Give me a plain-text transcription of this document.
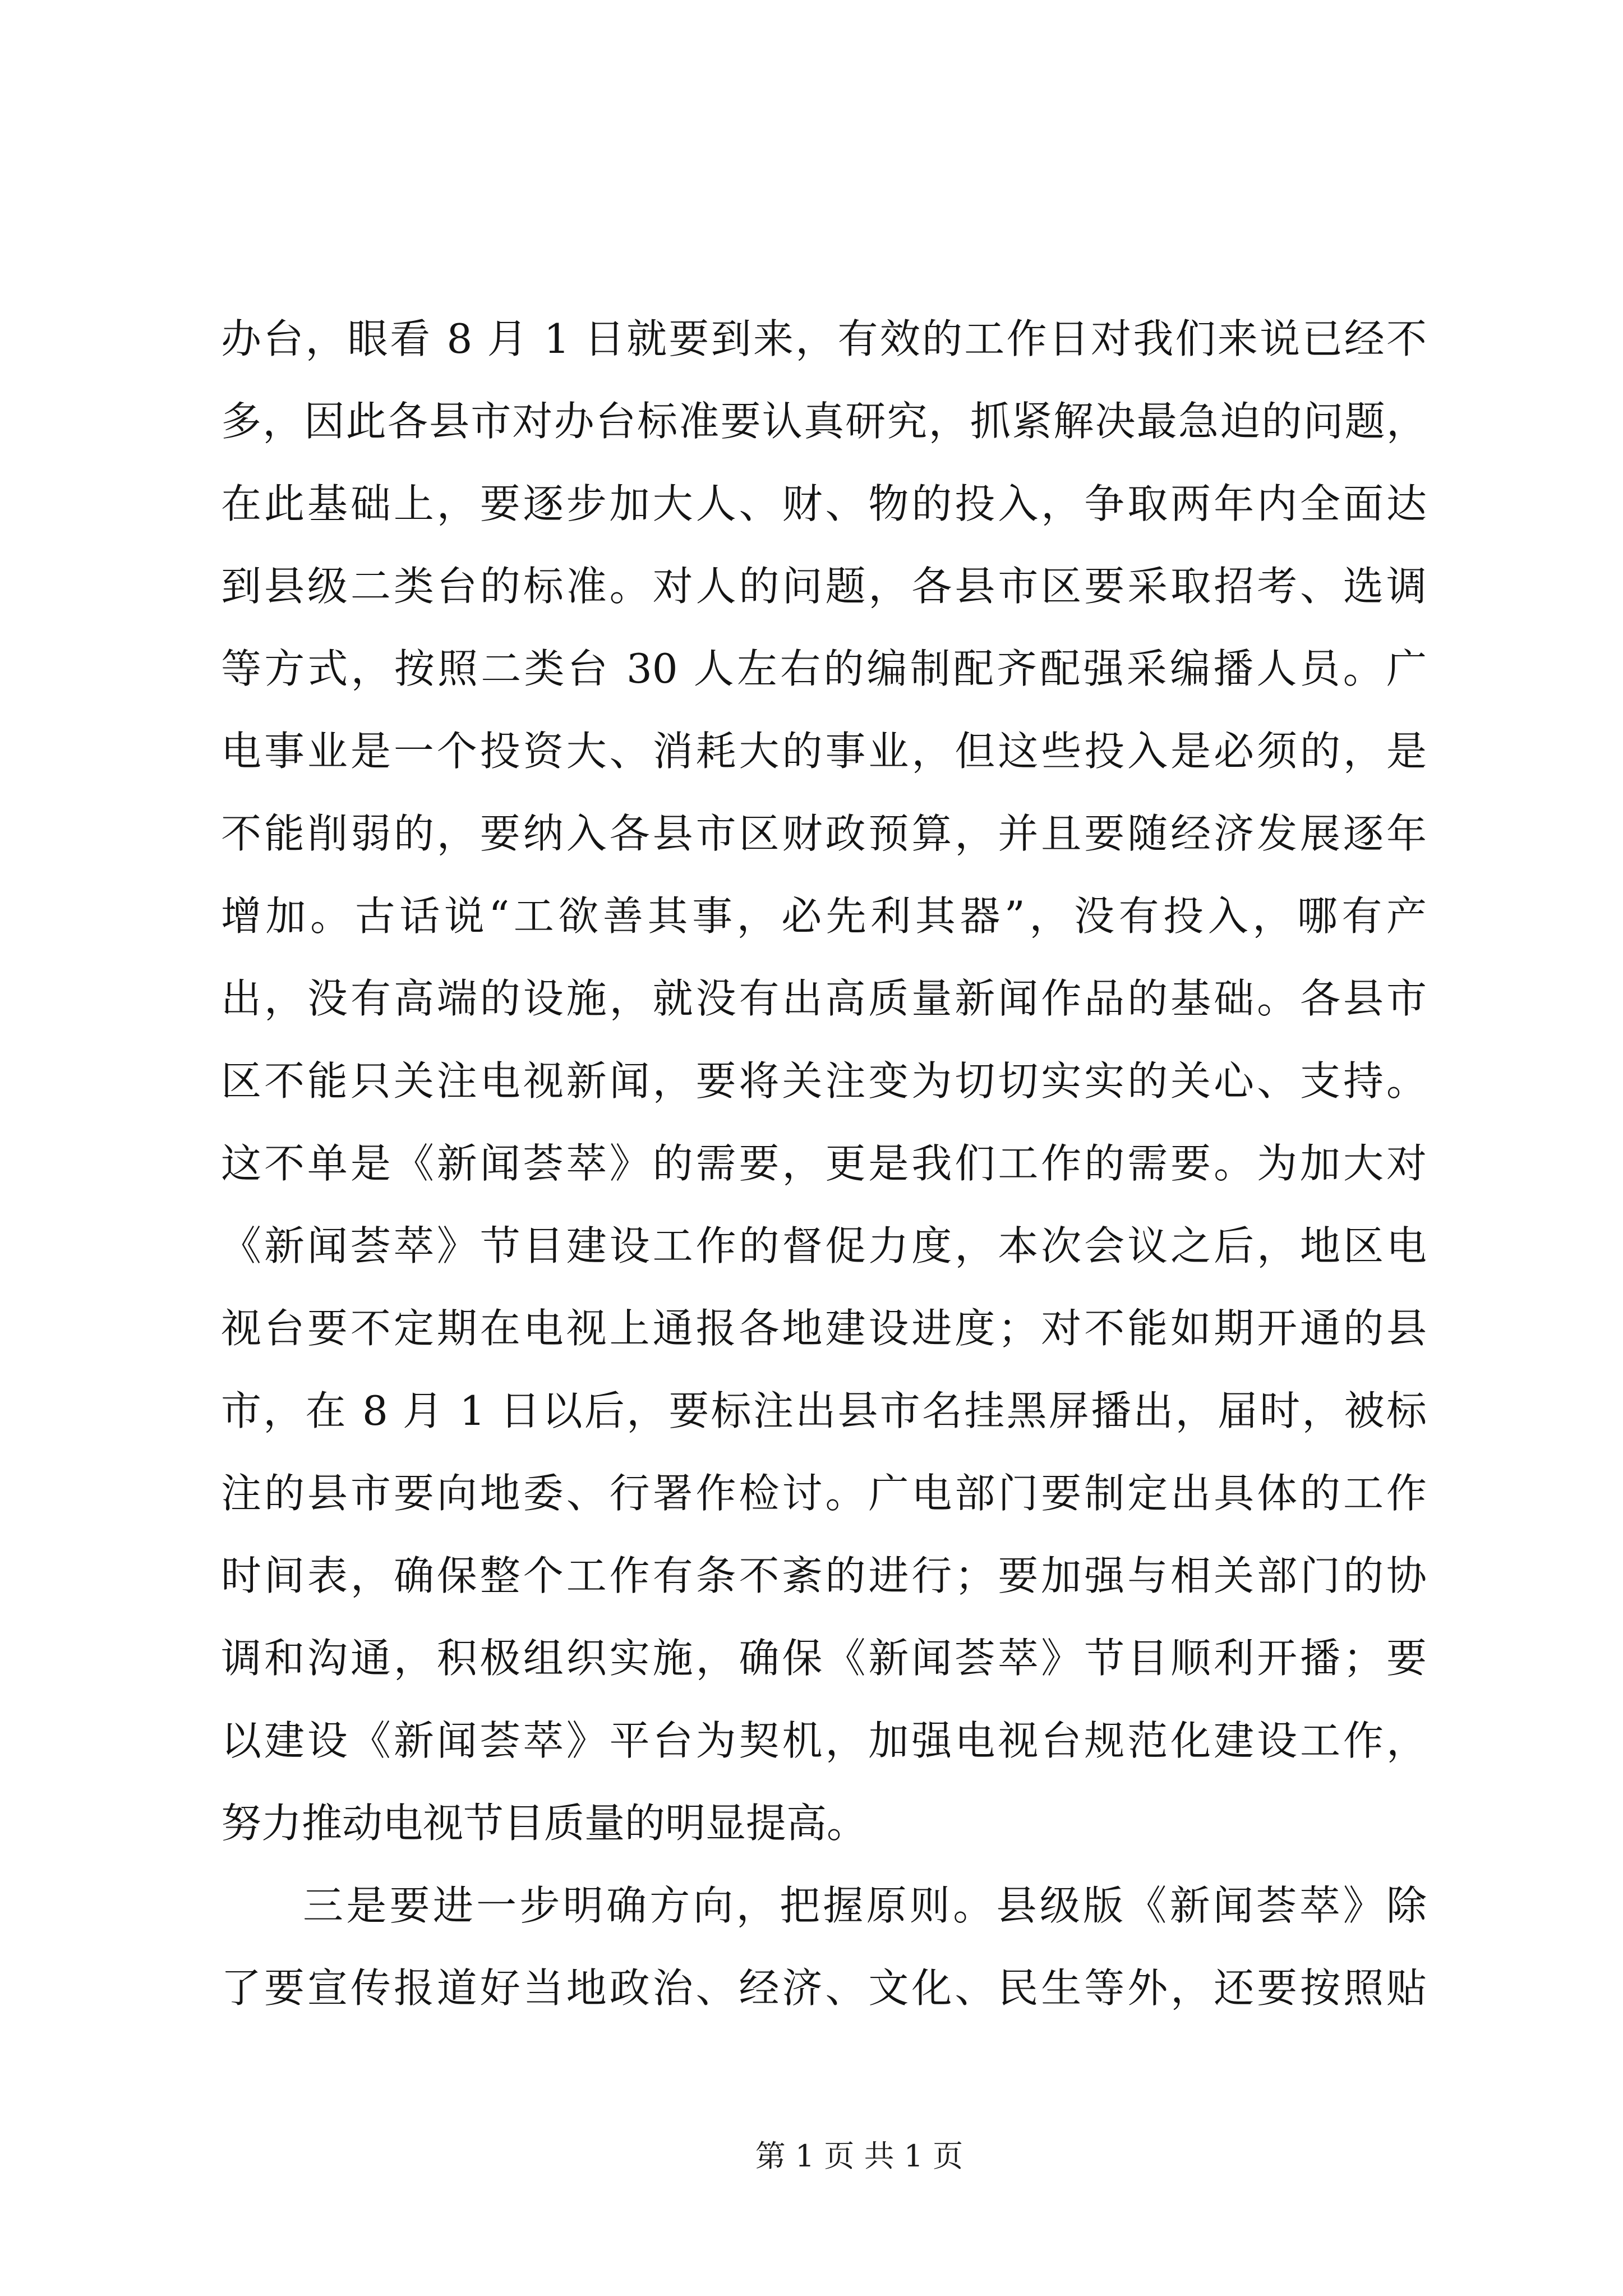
办台，眼看 8 月 1 日就要到来，有效的工作日对我们来说已经不
多，因此各县市对办台标准要认真研究，抓紧解决最急迫的问题，
在此基础上，要逐步加大人、财、物的投入，争取两年内全面达
到县级二类台的标准。对人的问题，各县市区要采取招考、选调
等方式，按照二类台 30 人左右的编制配齐配强采编播人员。广
电事业是一个投资大、消耗大的事业，但这些投入是必须的，是
不能削弱的，要纳入各县市区财政预算，并且要随经济发展逐年
增加。古话说“工欲善其事，必先利其器”，没有投入，哪有产
出，没有高端的设施，就没有出高质量新闻作品的基础。各县市
区不能只关注电视新闻，要将关注变为切切实实的关心、支持。
这不单是《新闻荟萃》的需要，更是我们工作的需要。为加大对
《新闻荟萃》节目建设工作的督促力度，本次会议之后，地区电
视台要不定期在电视上通报各地建设进度；对不能如期开通的县
市，在 8 月 1 日以后，要标注出县市名挂黑屏播出，届时，被标
注的县市要向地委、行署作检讨。广电部门要制定出具体的工作
时间表，确保整个工作有条不紊的进行；要加强与相关部门的协
调和沟通，积极组织实施，确保《新闻荟萃》节目顺利开播；要
以建设《新闻荟萃》平台为契机，加强电视台规范化建设工作，
努力推动电视节目质量的明显提高。
三是要进一步明确方向，把握原则。县级版《新闻荟萃》除
了要宣传报道好当地政治、经济、文化、民生等外，还要按照贴
第 1 页 共 1 页
